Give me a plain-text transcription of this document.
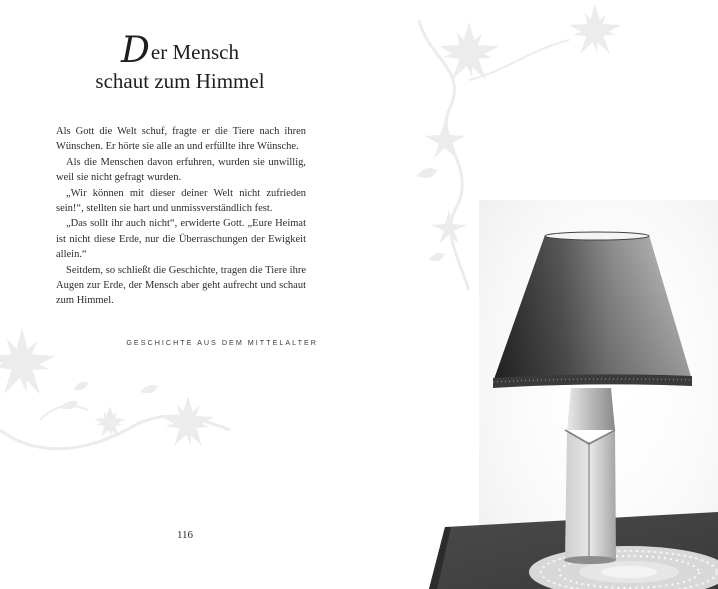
Der Mensch
schaut zum Himmel

Als Gott die Welt schuf, fragte er die Tiere nach ihren Wünschen. Er hörte sie alle an und erfüllte ihre Wünsche.

Als die Menschen davon erfuhren, wurden sie unwillig, weil sie nicht gefragt wurden.

„Wir können mit dieser deiner Welt nicht zufrieden sein!“, stellten sie hart und unmissverständlich fest.

„Das sollt ihr auch nicht“, erwiderte Gott. „Eure Heimat ist nicht diese Erde, nur die Überraschungen der Ewigkeit allein.“

Seitdem, so schließt die Geschichte, tragen die Tiere ihre Augen zur Erde, der Mensch aber geht aufrecht und schaut zum Himmel.

GESCHICHTE AUS DEM MITTELALTER
116
